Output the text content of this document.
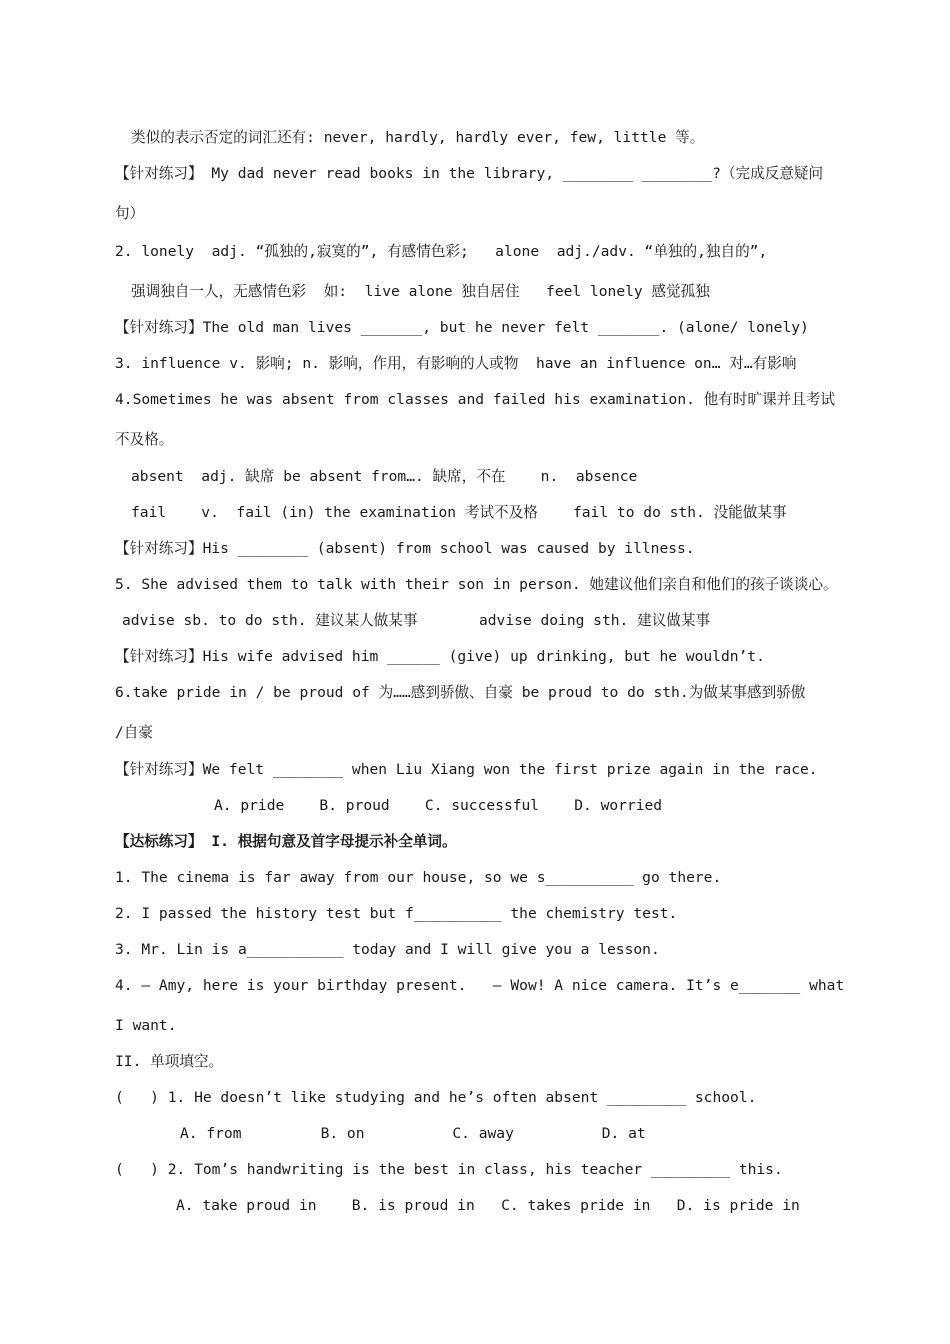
类似的表示否定的词汇还有: never, hardly, hardly ever, few, little 等。
【针对练习】 My dad never read books in the library, ________ ________?（完成反意疑问
句）
2. lonely  adj. “孤独的,寂寞的”, 有感情色彩;   alone  adj./adv. “单独的,独自的”,
强调独自一人，无感情色彩  如:  live alone 独自居住   feel lonely 感觉孤独
【针对练习】The old man lives _______, but he never felt _______. (alone/ lonely)
3. influence v. 影响; n. 影响，作用，有影响的人或物  have an influence on… 对…有影响
4.Sometimes he was absent from classes and failed his examination. 他有时旷课并且考试
不及格。
absent  adj. 缺席 be absent from…. 缺席，不在    n.  absence
fail    v.  fail (in) the examination 考试不及格    fail to do sth. 没能做某事
【针对练习】His ________ (absent) from school was caused by illness.
5. She advised them to talk with their son in person. 她建议他们亲自和他们的孩子谈谈心。
advise sb. to do sth. 建议某人做某事       advise doing sth. 建议做某事
【针对练习】His wife advised him ______ (give) up drinking, but he wouldn’t.
6.take pride in / be proud of 为……感到骄傲、自豪 be proud to do sth.为做某事感到骄傲
/自豪
【针对练习】We felt ________ when Liu Xiang won the first prize again in the race.
A. pride    B. proud    C. successful    D. worried
【达标练习】 I. 根据句意及首字母提示补全单词。
1. The cinema is far away from our house, so we s__________ go there.
2. I passed the history test but f__________ the chemistry test.
3. Mr. Lin is a___________ today and I will give you a lesson.
4. — Amy, here is your birthday present.   — Wow! A nice camera. It’s e_______ what
I want.
II. 单项填空。
(   ) 1. He doesn’t like studying and he’s often absent _________ school.
A. from         B. on          C. away          D. at
(   ) 2. Tom’s handwriting is the best in class, his teacher _________ this.
A. take proud in    B. is proud in   C. takes pride in   D. is pride in
